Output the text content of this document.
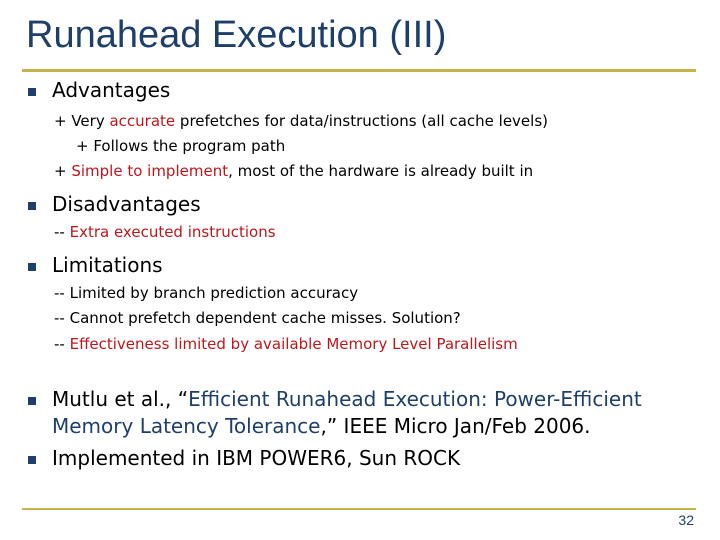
Runahead Execution (III)
Advantages
+ Very accurate prefetches for data/instructions (all cache levels)
+ Follows the program path
+ Simple to implement, most of the hardware is already built in
Disadvantages
-- Extra executed instructions
Limitations
-- Limited by branch prediction accuracy
-- Cannot prefetch dependent cache misses. Solution?
-- Effectiveness limited by available Memory Level Parallelism
Mutlu et al., “Efficient Runahead Execution: Power-Efficient
Memory Latency Tolerance,” IEEE Micro Jan/Feb 2006.
Implemented in IBM POWER6, Sun ROCK
32
